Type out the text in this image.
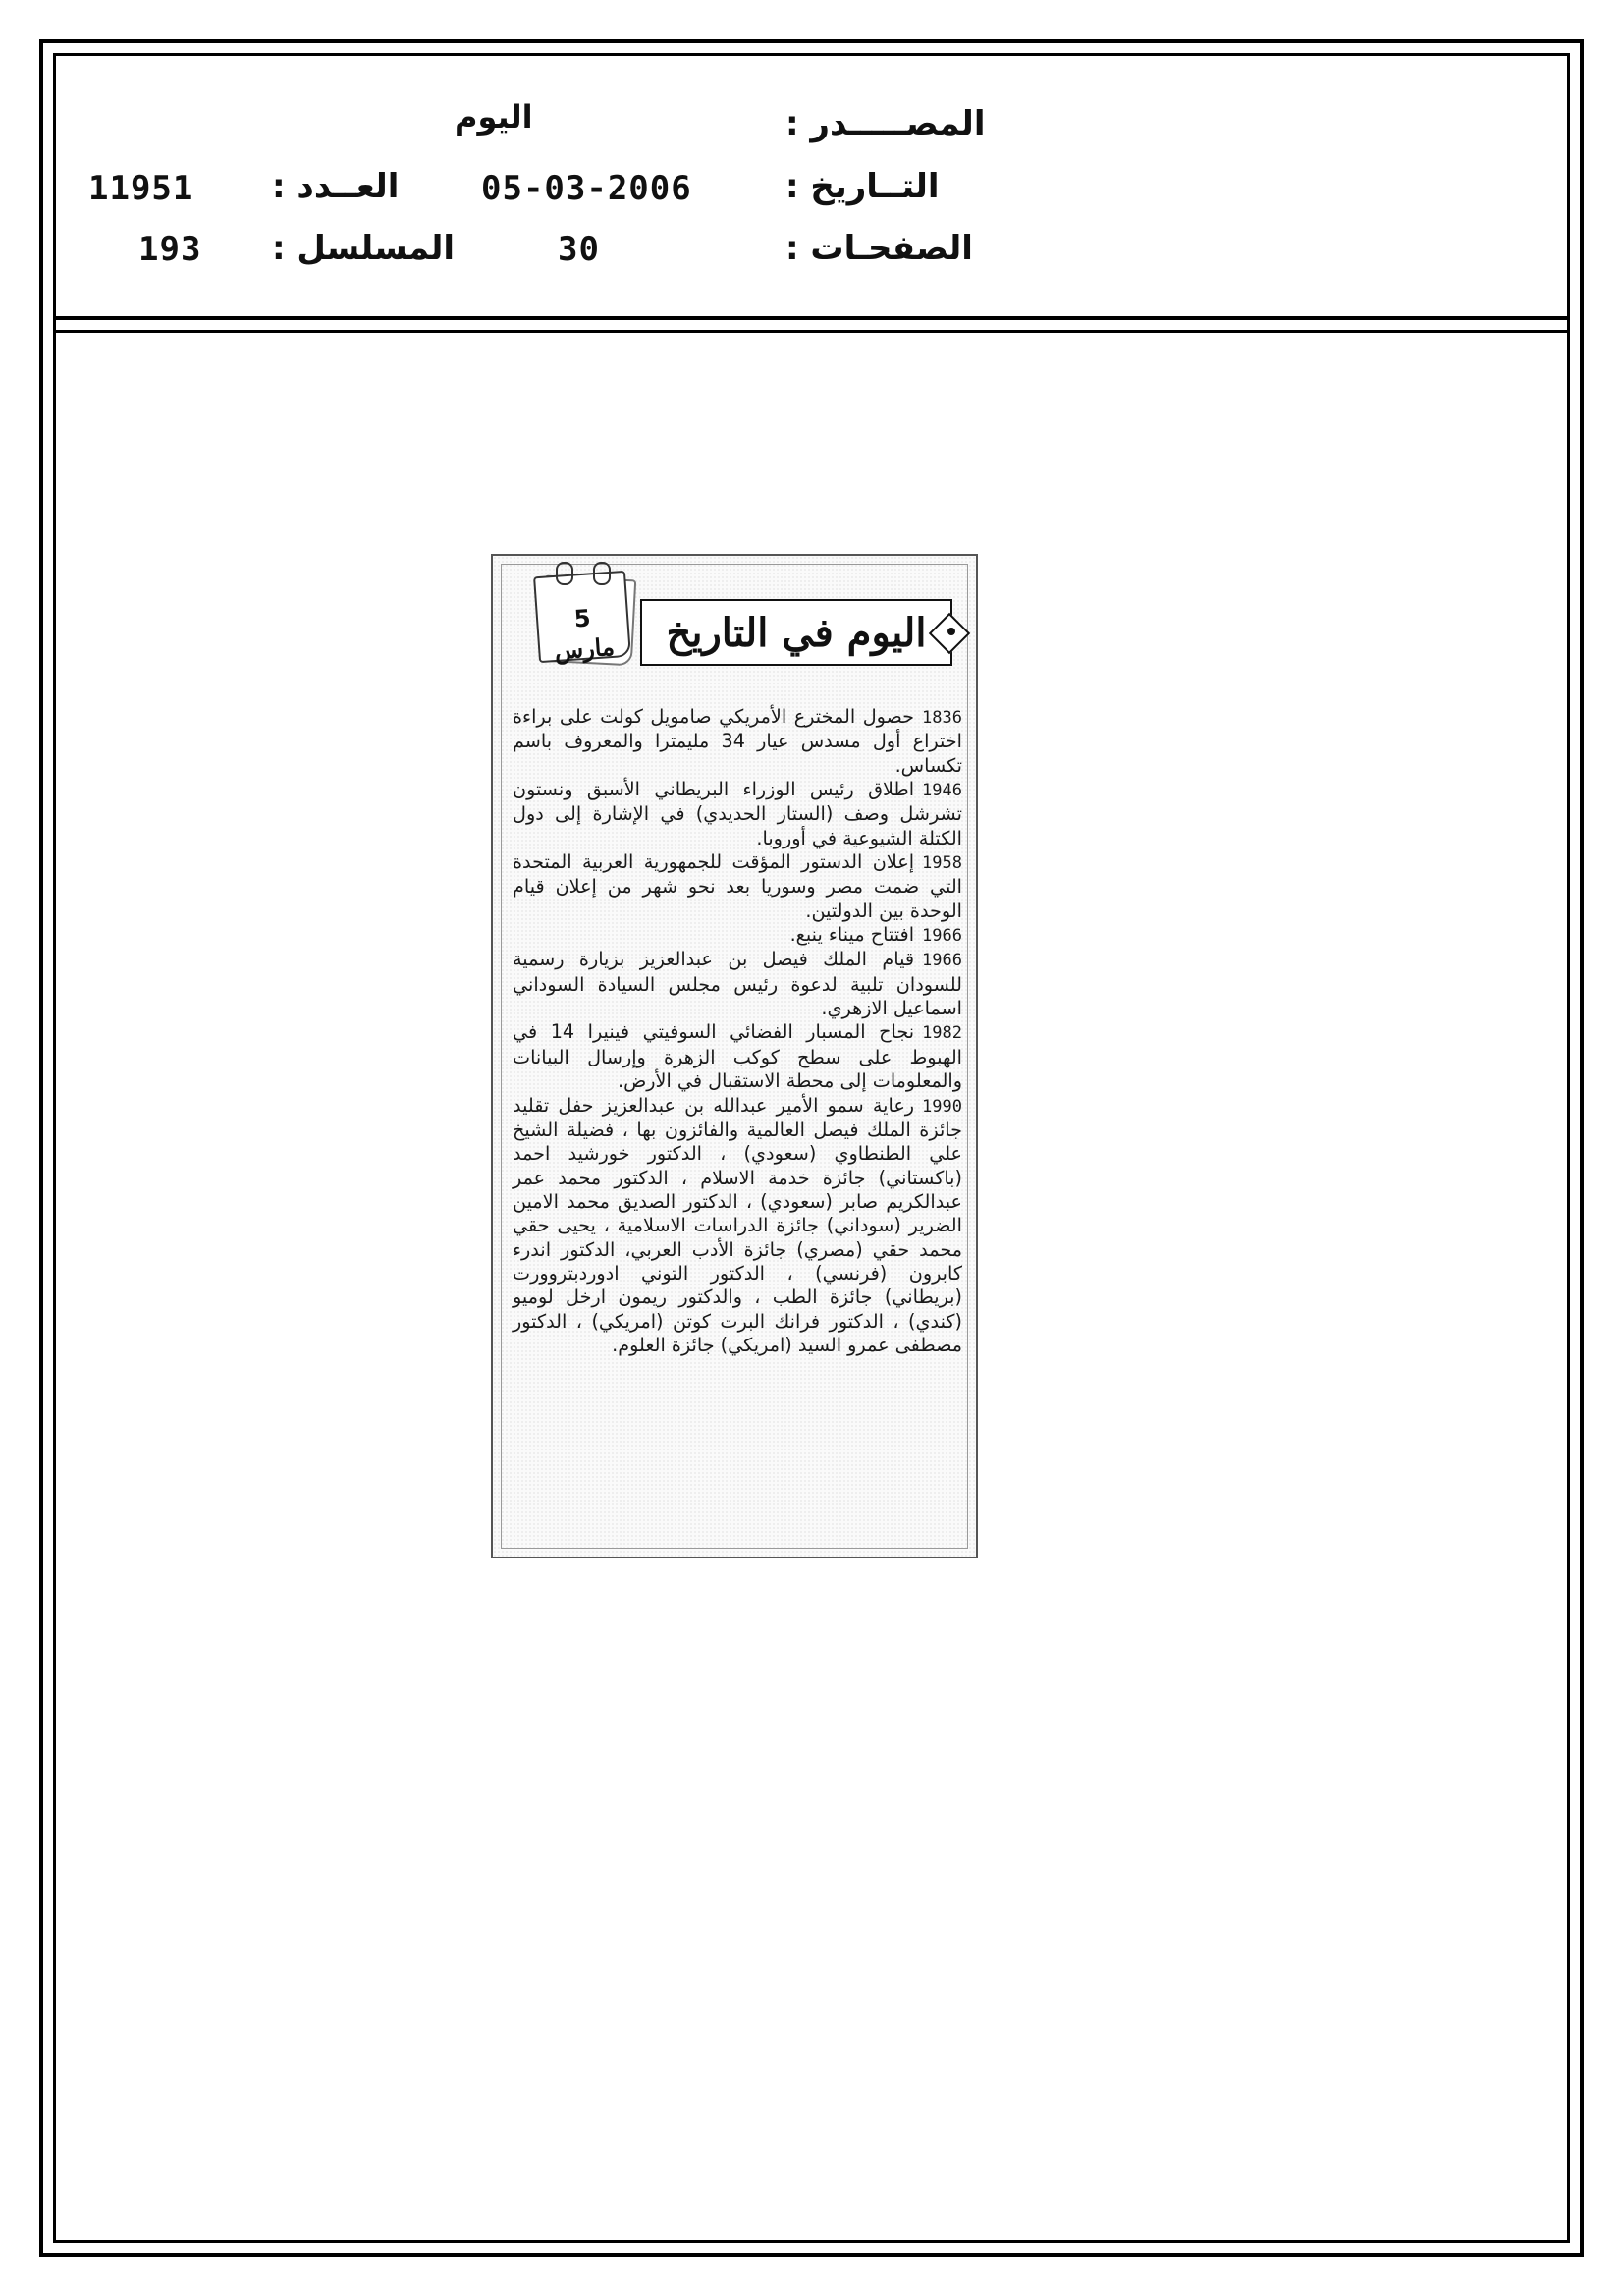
المصـــــدر :
اليوم
التــاريخ :
05-03-2006
الصفحـات :
30
العــدد :
11951
المسلسل :
193
5
مارس	اليوم في التاريخ

1836حصول المخترع الأمريكي صامويل كولت على براءة اختراع أول مسدس عيار 34 مليمترا والمعروف باسم تكساس.

1946اطلاق رئيس الوزراء البريطاني الأسبق ونستون تشرشل وصف (الستار الحديدي) في الإشارة إلى دول الكتلة الشيوعية في أوروبا.

1958إعلان الدستور المؤقت للجمهورية العربية المتحدة التي ضمت مصر وسوريا بعد نحو شهر من إعلان قيام الوحدة بين الدولتين.

1966افتتاح ميناء ينبع.

1966قيام الملك فيصل بن عبدالعزيز بزيارة رسمية للسودان تلبية لدعوة رئيس مجلس السيادة السوداني اسماعيل الازهري.

1982نجاح المسبار الفضائي السوفيتي فينيرا 14 في الهبوط على سطح كوكب الزهرة وإرسال البيانات والمعلومات إلى محطة الاستقبال في الأرض.

1990رعاية سمو الأمير عبدالله بن عبدالعزيز حفل تقليد جائزة الملك فيصل العالمية والفائزون بها ، فضيلة الشيخ علي الطنطاوي (سعودي) ، الدكتور خورشيد احمد (باكستاني) جائزة خدمة الاسلام ، الدكتور محمد عمر عبدالكريم صابر (سعودي) ، الدكتور الصديق محمد الامين الضرير (سوداني) جائزة الدراسات الاسلامية ، يحيى حقي محمد حقي (مصري) جائزة الأدب العربي، الدكتور اندرء كابرون (فرنسي) ، الدكتور التوني ادوردبتروورت (بريطاني) جائزة الطب ، والدكتور ريمون ارخل لوميو (كندي) ، الدكتور فرانك البرت كوتن (امريكي) ، الدكتور مصطفى عمرو السيد (امريكي) جائزة العلوم.
